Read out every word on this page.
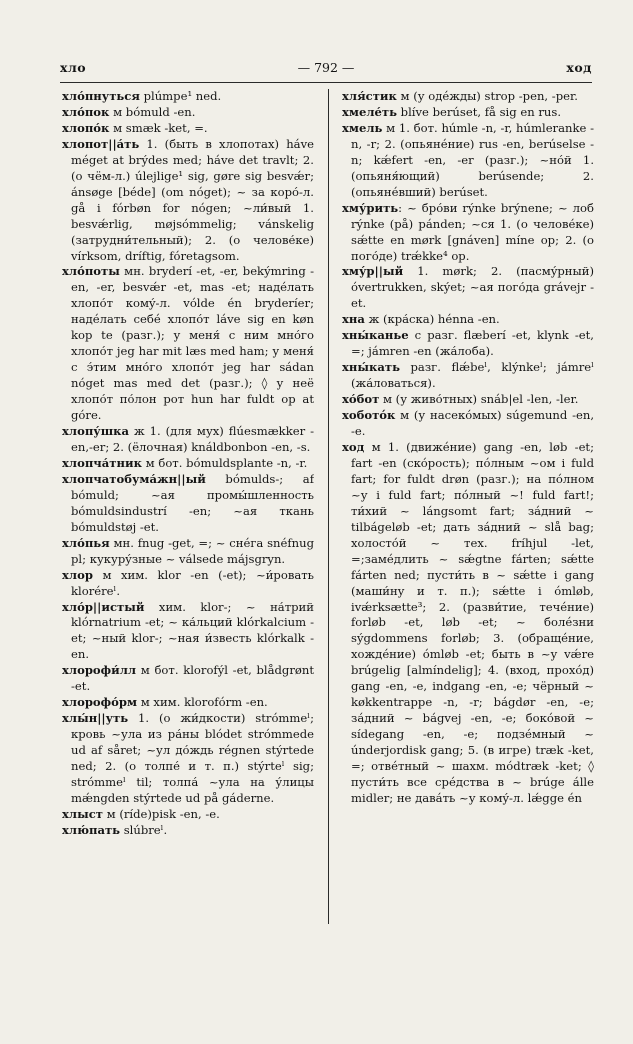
хло	— 792 —	ход

хло́пнуться plúmpe¹ ned.

хло́пок м bómuld -en.

хлопо́к м smæk -ket, =.

хлопот||а́ть 1. (быть в хлопотах) háve méget at brýdes med; háve det travlt; 2. (о чём-л.) úlejlige¹ sig, gøre sig besvǽr; ánsøge [béde] (om nóget); ~ за коро́-л. gå i fórbøn for nógen; ~ли́вый 1. besvǽrlig, møjsómmelig; vánskelig (затрудни́тельный); 2. (о челове́ке) vírksom, dríftig, fóretagsom.

хло́поты мн. bryderí -et, -er, bekýmring -en, -er, besvǽr -et, mas -et; надéлать хлопо́т комý-л. vólde én bryderíer; надéлать себé хлопо́т láve sig en køn kop te (разг.); у меня́ с ним мно́го хлопо́т jeg har mit læs med ham; у меня́ с э́тим мно́го хлопо́т jeg har sádan nóget mas med det (разг.); ◊ у неё хлопо́т по́лон рот hun har fuldt op at góre.

хлопу́шка ж 1. (для мух) flúesmækker -en,-er; 2. (ёлочная) knáldbonbon -en, -s.

хлопча́тник м бот. bómuldsplante -n, -r.

хлопчатобума́жн||ый bómulds-; af bómuld; ~ая промы́шленность bómuldsindustrí -en; ~ая ткань bómuldstøj -et.

хло́пья мн. fnug -get, =; ~ снéга snéfnug pl; кукурýзные ~ válsede májsgryn.

хлор м хим. klor -en (-et); ~и́ровать kloréreˡ.

хло́р||истый хим. klor-; ~ на́трий klórnatrium -et; ~ ка́льций klórkalcium -et; ~ный klor-; ~ная и́звесть klórkalk -en.

хлорофи́лл м бот. klorofýl -et, blådgrønt -et.

хлорофо́рм м хим. klorofórm -en.

хлы́н||уть 1. (о жи́дкости) strómmeˡ; кровь ~ула из ра́ны blódet strómmede ud af såret; ~ул до́ждь régnen stýrtede ned; 2. (о толпе́ и т. п.) stýrteˡ sig; strómmeˡ til; толпа́ ~ула на у́лицы mǽngden stýrtede ud på gáderne.

хлыст м (ríde)pisk -en, -e.

хлю́пать slúbreˡ.

хля́стик м (у одéжды) strop -pen, -per.

хмеле́ть blíve berúset, få sig en rus.

хмель м 1. бот. húmle -n, -r, húmleranke -n, -r; 2. (опьянéние) rus -en, berúselse -n; kǽfert -en, -er (разг.); ~но́й 1. (опьяня́ющий) berúsende; 2. (опьянéвший) berúset.

хму́рить: ~ бро́ви rýnke brýnene; ~ лоб rýnke (på) pánden; ~ся 1. (о человéке) sǽtte en mørk [gnáven] míne op; 2. (о пого́де) trǽkke⁴ op.

хму́р||ый 1. mørk; 2. (пасмýрный) óvertrukken, skýet; ~ая пого́да grávejr -et.

хна ж (кра́ска) hénna -en.

хны́канье с разг. flæberí -et, klynk -et, =; jámren -en (жа́лоба).

хны́кать разг. flǽbeˡ, klýnkeˡ; jámreˡ (жа́ловаться).

хо́бот м (у живо́тных) snáb|el -len, -ler.

хоботóк м (у насекóмых) súgemund -en, -e.

ход м 1. (движéние) gang -en, løb -et; fart -en (скóрость); пóлным ~ом i fuld fart; for fuldt drøn (разг.); на пóлном ~у i fuld fart; пóлный ~! fuld fart!; ти́хий ~ lángsomt fart; зáдний ~ tilbágeløb -et; дать зáдний ~ slå bag; холостóй ~ тех. fríhjul -let, =;замéдлить ~ sǽgtne fárten; sǽtte fárten ned; пусти́ть в ~ sǽtte i gang (маши́ну и т. п.); sǽtte i ómløb, ivǽrksætte³; 2. (разви́тие, течéние) forløb -et, løb -et; ~ болéзни sýgdommens forløb; 3. (обращéние, хождéние) ómløb -et; быть в ~у vǽre brúgelig [almíndelig]; 4. (вход, прохóд) gang -en, -e, indgang -en, -e; чёрный ~ køkkentrappe -n, -r; bágdør -en, -e; зáдний ~ bágvej -en, -e; бокóвой ~ sídegang -en, -e; подзéмный ~ únderjordisk gang; 5. (в игре) træk -ket, =; отвéтный ~ шахм. módtræk -ket; ◊ пусти́ть все срéдства в ~ brúge álle midler; не давáть ~у комý-л. lǽgge én
